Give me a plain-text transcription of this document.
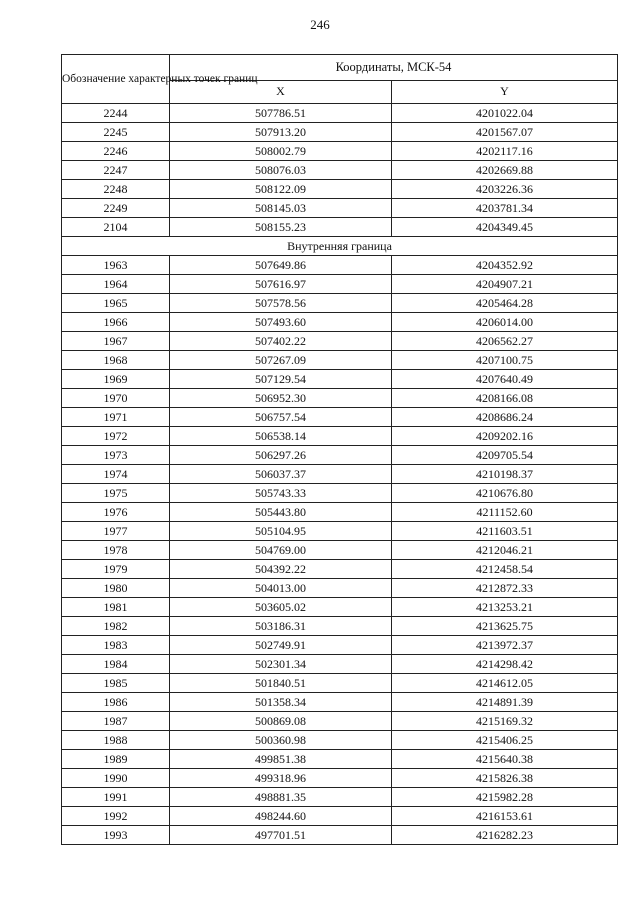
246
Обозначение характерных точек границ	Координаты, МСК-54	
	X	Y
2244	507786.51	4201022.04
2245	507913.20	4201567.07
2246	508002.79	4202117.16
2247	508076.03	4202669.88
2248	508122.09	4203226.36
2249	508145.03	4203781.34
2104	508155.23	4204349.45
Внутренняя граница		
1963	507649.86	4204352.92
1964	507616.97	4204907.21
1965	507578.56	4205464.28
1966	507493.60	4206014.00
1967	507402.22	4206562.27
1968	507267.09	4207100.75
1969	507129.54	4207640.49
1970	506952.30	4208166.08
1971	506757.54	4208686.24
1972	506538.14	4209202.16
1973	506297.26	4209705.54
1974	506037.37	4210198.37
1975	505743.33	4210676.80
1976	505443.80	4211152.60
1977	505104.95	4211603.51
1978	504769.00	4212046.21
1979	504392.22	4212458.54
1980	504013.00	4212872.33
1981	503605.02	4213253.21
1982	503186.31	4213625.75
1983	502749.91	4213972.37
1984	502301.34	4214298.42
1985	501840.51	4214612.05
1986	501358.34	4214891.39
1987	500869.08	4215169.32
1988	500360.98	4215406.25
1989	499851.38	4215640.38
1990	499318.96	4215826.38
1991	498881.35	4215982.28
1992	498244.60	4216153.61
1993	497701.51	4216282.23
